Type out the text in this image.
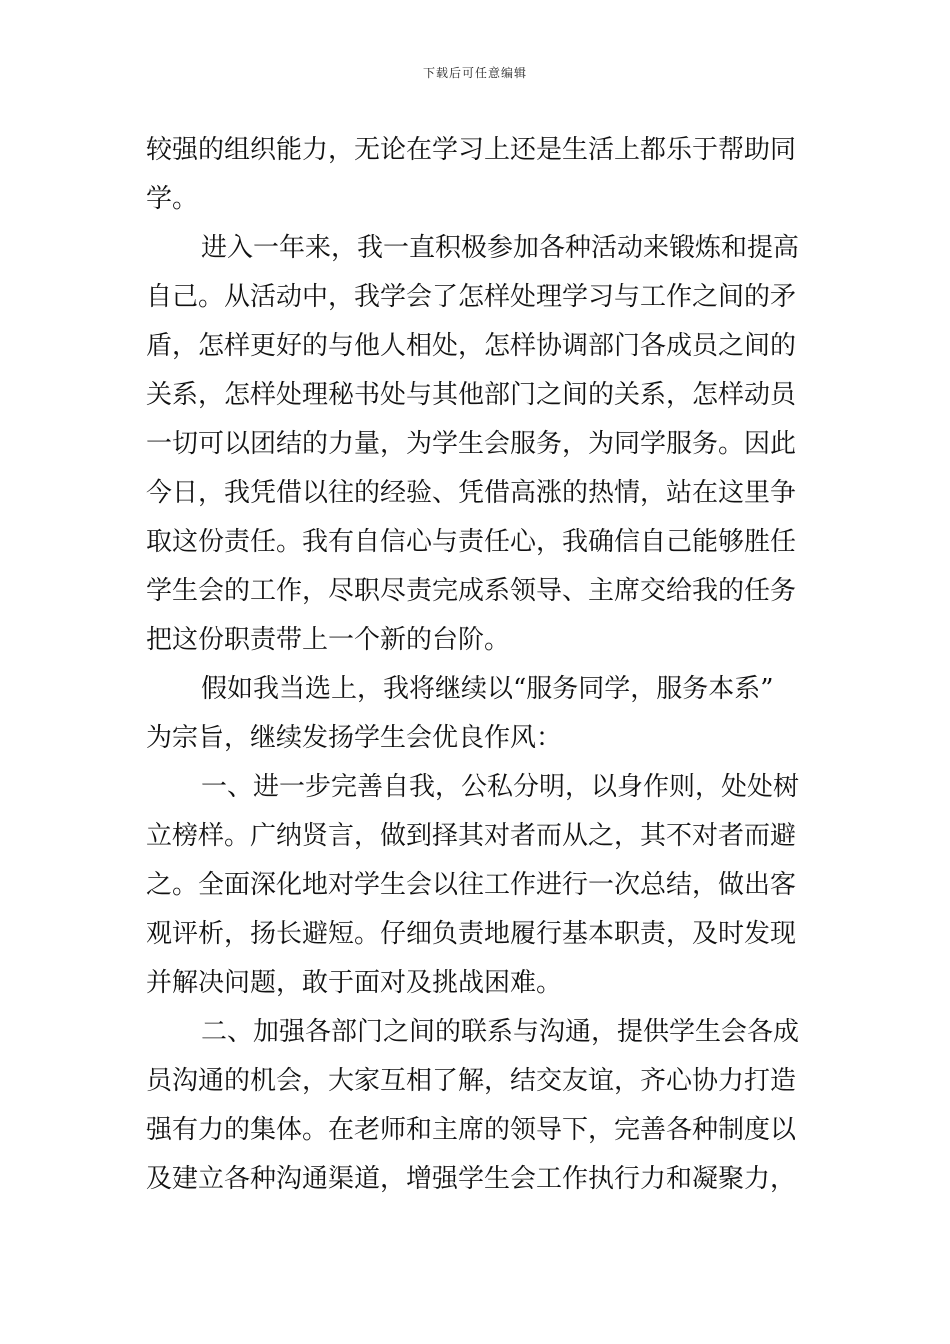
下载后可任意编辑
较强的组织能力，无论在学习上还是生活上都乐于帮助同
学。
进入一年来，我一直积极参加各种活动来锻炼和提高
自己。从活动中，我学会了怎样处理学习与工作之间的矛
盾，怎样更好的与他人相处，怎样协调部门各成员之间的
关系，怎样处理秘书处与其他部门之间的关系，怎样动员
一切可以团结的力量，为学生会服务，为同学服务。因此
今日，我凭借以往的经验、凭借高涨的热情，站在这里争
取这份责任。我有自信心与责任心，我确信自己能够胜任
学生会的工作，尽职尽责完成系领导、主席交给我的任务
把这份职责带上一个新的台阶。
假如我当选上，我将继续以“服务同学，服务本系”
为宗旨，继续发扬学生会优良作风：
一、进一步完善自我，公私分明，以身作则，处处树
立榜样。广纳贤言，做到择其对者而从之，其不对者而避
之。全面深化地对学生会以往工作进行一次总结，做出客
观评析，扬长避短。仔细负责地履行基本职责，及时发现
并解决问题，敢于面对及挑战困难。
二、加强各部门之间的联系与沟通，提供学生会各成
员沟通的机会，大家互相了解，结交友谊，齐心协力打造
强有力的集体。在老师和主席的领导下，完善各种制度以
及建立各种沟通渠道，增强学生会工作执行力和凝聚力，
